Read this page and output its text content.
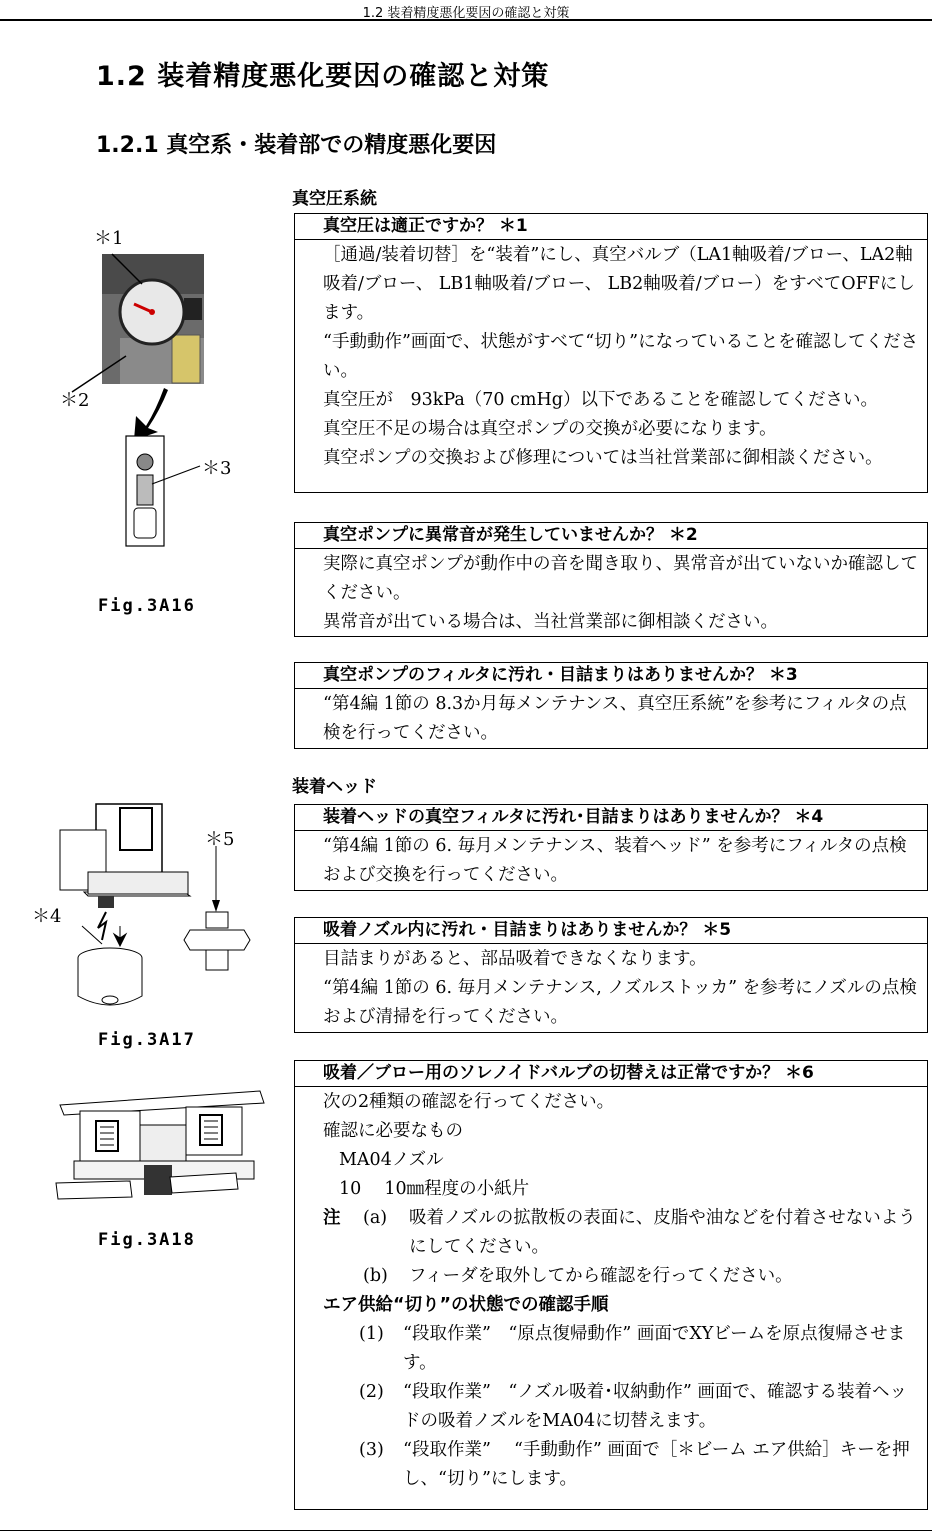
1.2 装着精度悪化要因の確認と対策
1.2 装着精度悪化要因の確認と対策
1.2.1 真空系・装着部での精度悪化要因
＊1
＊2
＊3
Fig.3A16
真空圧系統
真空圧は適正ですか？ ＊1

［通過/装着切替］を“装着”にし、真空バルブ（LA1軸吸着/ブロー、LA2軸吸着/ブロー、 LB1軸吸着/ブロー、 LB2軸吸着/ブロー）をすべてOFFにします。

“手動動作”画面で、状態がすべて“切り”になっていることを確認してください。

真空圧が　93kPa（70 cmHg）以下であることを確認してください。

真空圧不足の場合は真空ポンプの交換が必要になります。

真空ポンプの交換および修理については当社営業部に御相談ください。

真空ポンプに異常音が発生していませんか？ ＊2

実際に真空ポンプが動作中の音を聞き取り、異常音が出ていないか確認してください。

異常音が出ている場合は、当社営業部に御相談ください。

真空ポンプのフィルタに汚れ・目詰まりはありませんか？ ＊3

“第4編 1節の 8.3か月毎メンテナンス、真空圧系統”を参考にフィルタの点検を行ってください。

装着ヘッド
＊5
＊4
Fig.3A17
装着ヘッドの真空フィルタに汚れ･目詰まりはありませんか？ ＊4

“第4編 1節の 6. 毎月メンテナンス、装着ヘッド” を参考にフィルタの点検および交換を行ってください。

吸着ノズル内に汚れ・目詰まりはありませんか？ ＊5

目詰まりがあると、部品吸着できなくなります。

“第4編 1節の 6. 毎月メンテナンス, ノズルストッカ” を参考にノズルの点検および清掃を行ってください。

Fig.3A18
吸着／ブロー用のソレノイドバルブの切替えは正常ですか？ ＊6

次の2種類の確認を行ってください。

確認に必要なもの

MA04ノズル

10　 10㎜程度の小紙片

注	(a)	吸着ノズルの拡散板の表面に、皮脂や油などを付着させないようにしてください。
(b)	フィーダを取外してから確認を行ってください。

エア供給“切り”の状態での確認手順

(1)	“段取作業”　“原点復帰動作” 画面でXYビームを原点復帰させます。
(2)	“段取作業”　“ノズル吸着･収納動作” 画面で、確認する装着ヘッドの吸着ノズルをMA04に切替えます。
(3)	“段取作業”　 “手動動作” 画面で［＊ビーム エア供給］キーを押し、“切り”にします。
